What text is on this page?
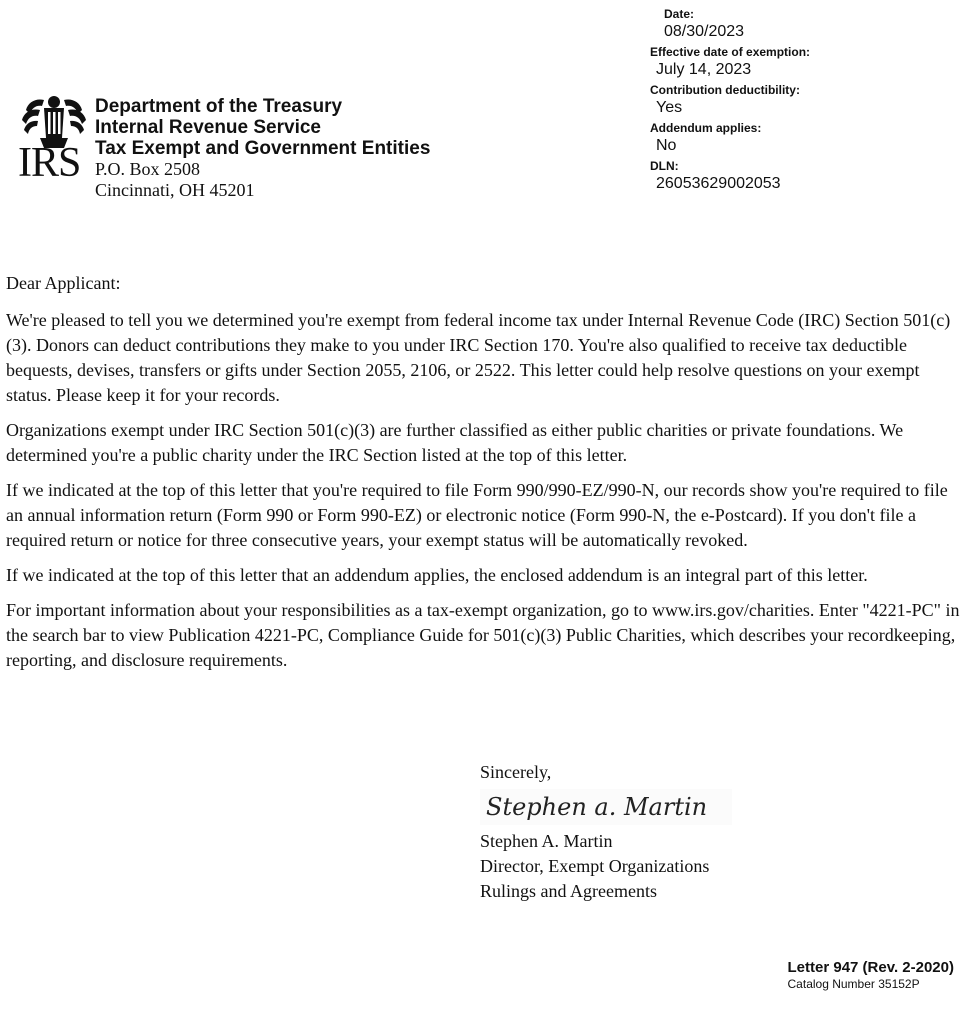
IRS
Department of the Treasury
Internal Revenue Service
Tax Exempt and Government Entities
P.O. Box 2508
Cincinnati, OH 45201
Date:
08/30/2023
Effective date of exemption:
July 14, 2023
Contribution deductibility:
Yes
Addendum applies:
No
DLN:
26053629002053

Dear Applicant:

We're pleased to tell you we determined you're exempt from federal income tax under Internal Revenue Code (IRC) Section 501(c)(3). Donors can deduct contributions they make to you under IRC Section 170. You're also qualified to receive tax deductible bequests, devises, transfers or gifts under Section 2055, 2106, or 2522. This letter could help resolve questions on your exempt status. Please keep it for your records.

Organizations exempt under IRC Section 501(c)(3) are further classified as either public charities or private foundations. We determined you're a public charity under the IRC Section listed at the top of this letter.

If we indicated at the top of this letter that you're required to file Form 990/990-EZ/990-N, our records show you're required to file an annual information return (Form 990 or Form 990-EZ) or electronic notice (Form 990-N, the e-Postcard). If you don't file a required return or notice for three consecutive years, your exempt status will be automatically revoked.

If we indicated at the top of this letter that an addendum applies, the enclosed addendum is an integral part of this letter.

For important information about your responsibilities as a tax-exempt organization, go to www.irs.gov/charities. Enter "4221-PC" in the search bar to view Publication 4221-PC, Compliance Guide for 501(c)(3) Public Charities, which describes your recordkeeping, reporting, and disclosure requirements.

Sincerely,
Stephen a. Martin
Stephen A. Martin
Director, Exempt Organizations
Rulings and Agreements
Letter 947 (Rev. 2-2020)
Catalog Number 35152P
